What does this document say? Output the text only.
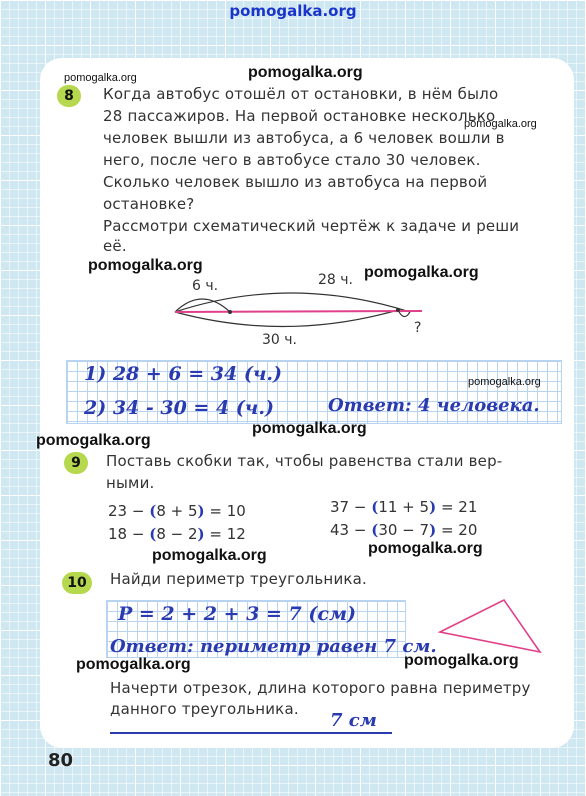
pomogalka.org
pomogalka.org	pomogalka.org
8	Когда автобус отошёл от остановки, в нём было
28 пассажиров. На первой остановке несколько
человек вышли из автобуса, а 6 человек вошли в
него, после чего в автобусе стало 30 человек.
Сколько человек вышло из автобуса на первой
остановке?
pomogalka.org
Рассмотри схематический чертёж к задаче и реши
её.
pomogalka.org	pomogalka.org
6 ч.	28 ч.
30 ч.
?
1) 28 + 6 = 34 (ч.)
2) 34 - 30 = 4 (ч.)	Ответ: 4 человека.
pomogalka.org
pomogalka.org
pomogalka.org
9	Поставь скобки так, чтобы равенства стали вер-
ными.
23 − (8 + 5) = 10
18 − (8 − 2) = 12
37 − (11 + 5) = 21
43 − (30 − 7) = 20
pomogalka.org	pomogalka.org
10	Найди периметр треугольника.
Р = 2 + 2 + 3 = 7 (см)
Ответ: периметр равен 7 см.
pomogalka.org	pomogalka.org
Начерти отрезок, длина которого равна периметру
данного треугольника.
7 см
80
